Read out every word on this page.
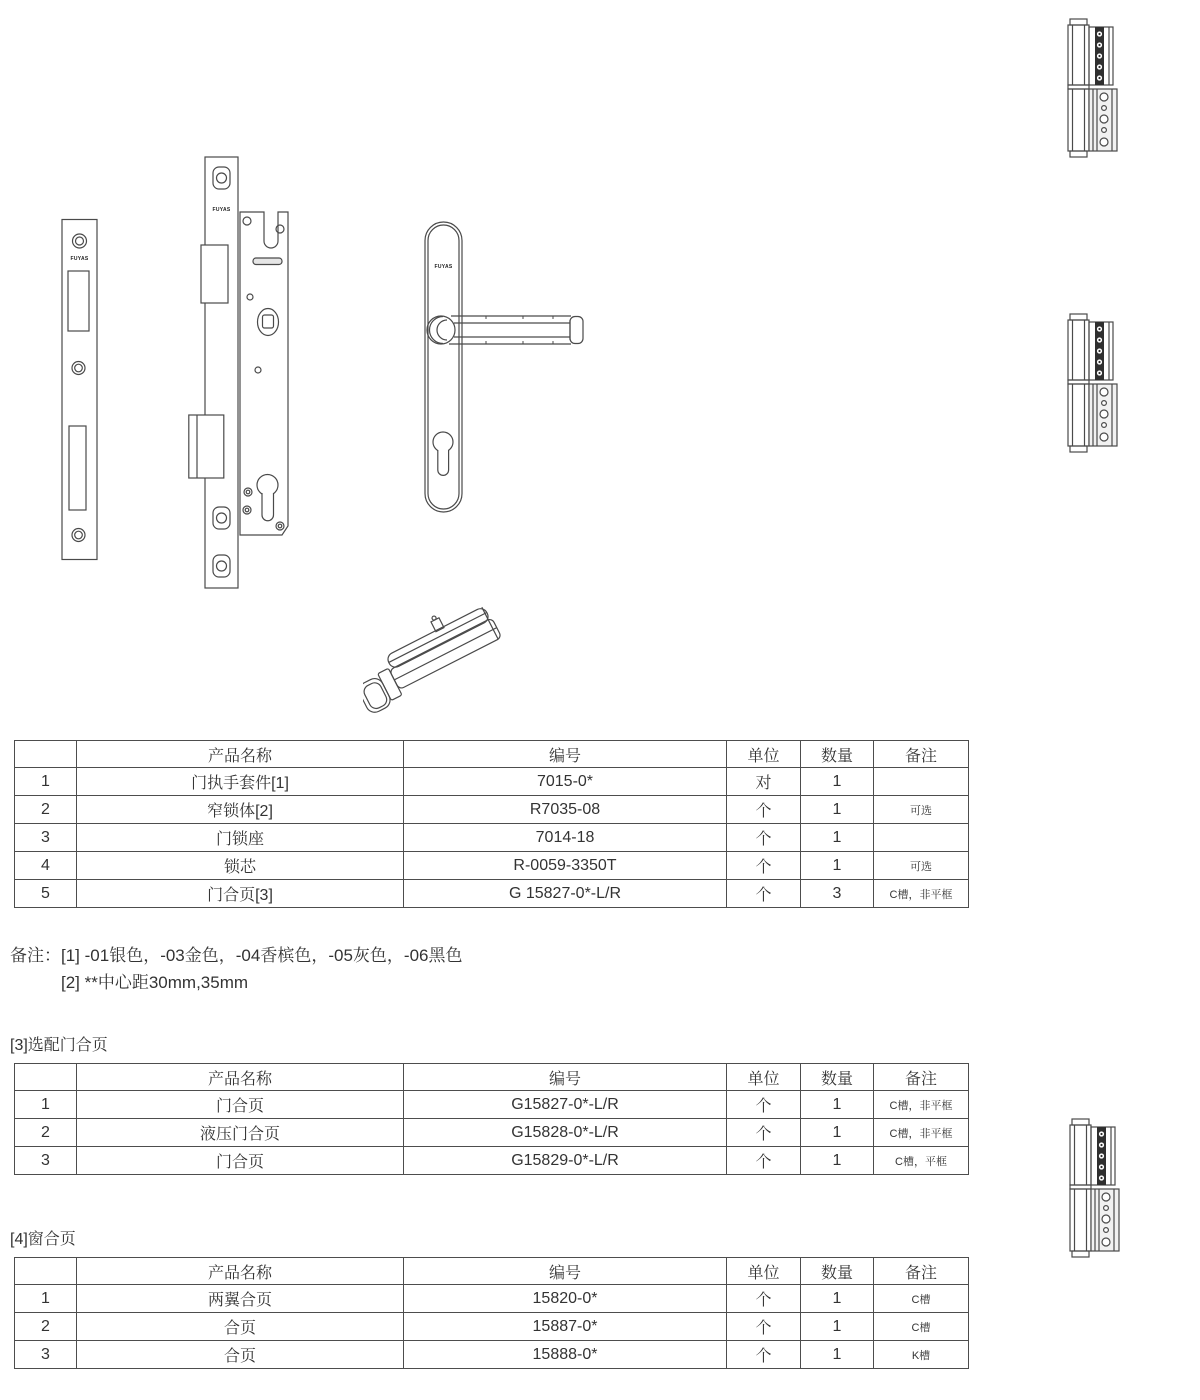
FUYAS
FUYAS
FUYAS
	产品名称	编号	单位	数量	备注
1	门执手套件[1]	7015-0*	对	1	
2	窄锁体[2]	R7035-08	个	1	可选
3	门锁座	7014-18	个	1	
4	锁芯	R-0059-3350T	个	1	可选
5	门合页[3]	G 15827-0*-L/R	个	3	C槽，非平框
备注：[1] -01银色，-03金色，-04香槟色，-05灰色，-06黑色
[2] **中心距30mm,35mm
[3]选配门合页
	产品名称	编号	单位	数量	备注
1	门合页	G15827-0*-L/R	个	1	C槽，非平框
2	液压门合页	G15828-0*-L/R	个	1	C槽，非平框
3	门合页	G15829-0*-L/R	个	1	C槽，平框
[4]窗合页
	产品名称	编号	单位	数量	备注
1	两翼合页	15820-0*	个	1	C槽
2	合页	15887-0*	个	1	C槽
3	合页	15888-0*	个	1	K槽
